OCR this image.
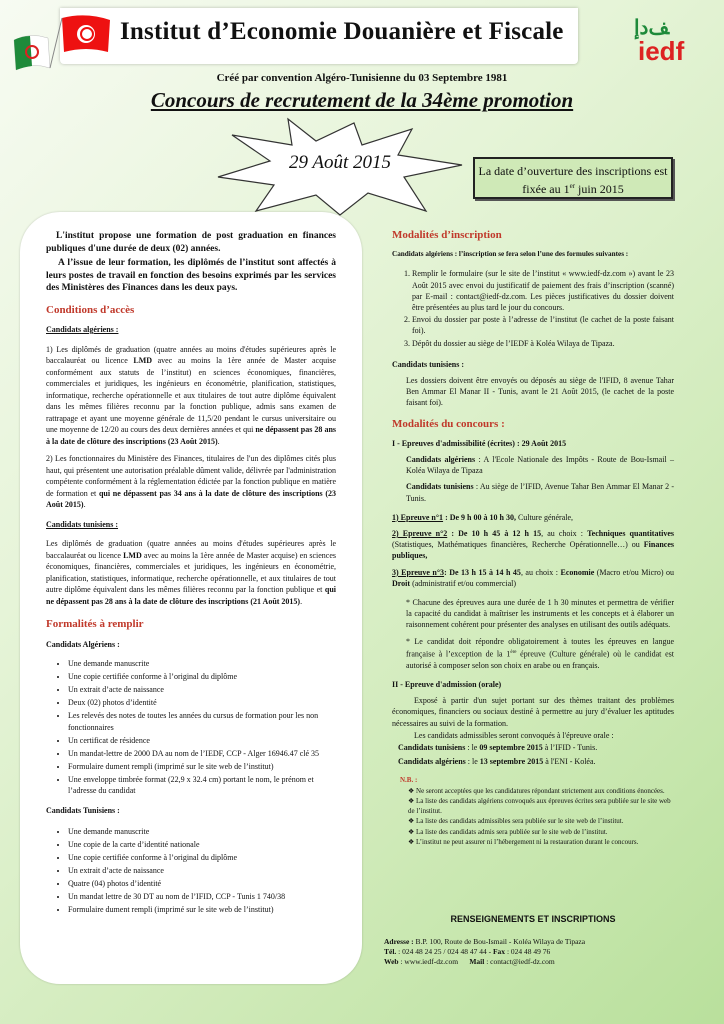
Institut d’Economie Douanière et Fiscale	ﻒﺩﺇ
iedf
Créé par convention Algéro-Tunisienne du 03 Septembre 1981
Concours de recrutement de la 34ème promotion
29 Août 2015	La date d’ouverture des inscriptions est fixée au 1er juin 2015

L'institut propose une formation de post graduation en finances publiques d'une durée de deux (02) années.

A l’issue de leur formation, les diplômés de l’institut sont affectés à leurs postes de travail en fonction des besoins exprimés par les services des Ministères des Finances dans les deux pays.

Conditions d’accès
Candidats algériens :

1) Les diplômés de graduation (quatre années au moins d'études supérieures après le baccalauréat ou licence LMD avec au moins la 1ère année de Master acquise conformément aux statuts de l’institut) en sciences économiques, financières, commerciales et juridiques, les ingénieurs en économétrie, planification, statistiques, informatique, recherche opérationnelle et aux titulaires de tout autre diplôme équivalent dans les mêmes filières reconnu par la fonction publique, admis sans examen de rattrapage et ayant une moyenne générale de 11,5/20 pendant le cursus universitaire ou une moyenne de 12/20 au cours des deux dernières années et qui ne dépassent pas 28 ans à la date de clôture des inscriptions (23 Août 2015).

2) Les fonctionnaires du Ministère des Finances, titulaires de l'un des diplômes cités plus haut, qui présentent une autorisation préalable dûment valide, délivrée par l'administration compétente conformément à la réglementation édictée par la fonction publique en matière de formation et qui ne dépassent pas 34 ans à la date de clôture des inscriptions (23 Août 2015).

Candidats tunisiens :

Les diplômés de graduation (quatre années au moins d'études supérieures après le baccalauréat ou licence LMD avec au moins la 1ère année de Master acquise) en sciences économiques, financières, commerciales et juridiques, les ingénieurs en économétrie, planification, statistiques, informatique, recherche opérationnelle, et aux titulaires de tout autre diplôme équivalent dans les mêmes filières reconnu par la fonction publique et qui ne dépassent pas 28 ans à la date de clôture des inscriptions (21 Août 2015).

Formalités à remplir
Candidats Algériens :
• Une demande manuscrite
• Une copie certifiée conforme à l’original du diplôme
• Un extrait d’acte de naissance
• Deux (02) photos d’identité
• Les relevés des notes de toutes les années du cursus de formation pour les non fonctionnaires
• Un certificat de résidence
• Un mandat-lettre de 2000 DA au nom de l’IEDF, CCP - Alger 16946.47 clé 35
• Formulaire dument rempli (imprimé sur le site web de l’institut)
• Une enveloppe timbrée format (22,9 x 32.4 cm) portant le nom, le prénom et l’adresse du candidat
Candidats Tunisiens :
• Une demande manuscrite
• Une copie de la carte d’identité nationale
• Une copie certifiée conforme à l’original du diplôme
• Un extrait d’acte de naissance
• Quatre (04) photos d’identité
• Un mandat lettre de 30 DT au nom de l’IFID, CCP - Tunis 1 740/38
• Formulaire dument rempli (imprimé sur le site web de l’institut)
Modalités d’inscription

Candidats algériens : l’inscription se fera selon l’une des formules suivantes :

1. Remplir le formulaire (sur le site de l’institut « www.iedf-dz.com ») avant le 23 Août 2015 avec envoi du justificatif de paiement des frais d’inscription (scanné) par E-mail : contact@iedf-dz.com. Les pièces justificatives du dossier doivent être présentées au plus tard le jour du concours.
2. Envoi du dossier par poste à l’adresse de l’institut (le cachet de la poste faisant foi).
3. Dépôt du dossier au siège de l’IEDF à Koléa Wilaya de Tipaza.

Candidats tunisiens :

Les dossiers doivent être envoyés ou déposés au siège de l'IFID, 8 avenue Tahar Ben Ammar El Manar II - Tunis, avant le 21 Août 2015, (le cachet de la poste faisant foi).

Modalités du concours :

I - Epreuves d'admissibilité (écrites) : 29 Août 2015

Candidats algériens : A l'Ecole Nationale des Impôts - Route de Bou-Ismail – Koléa Wilaya de Tipaza

Candidats tunisiens : Au siège de l’IFID, Avenue Tahar Ben Ammar El Manar 2 - Tunis.

1) Epreuve n°1 : De 9 h 00 à 10 h 30, Culture générale,

2) Epreuve n°2 : De 10 h 45 à 12 h 15, au choix : Techniques quantitatives (Statistiques, Mathématiques financières, Recherche Opérationnelle…) ou Finances publiques,

3) Epreuve n°3: De 13 h 15 à 14 h 45, au choix : Economie (Macro et/ou Micro) ou Droit (administratif et/ou commercial)

* Chacune des épreuves aura une durée de 1 h 30 minutes et permettra de vérifier la capacité du candidat à maîtriser les instruments et les concepts et à élaborer un raisonnement cohérent pour présenter des analyses en utilisant des outils adéquats.

* Le candidat doit répondre obligatoirement à toutes les épreuves en langue française à l’exception de la 1ère épreuve (Culture générale) où le candidat est autorisé à composer selon son choix en arabe ou en français.

II - Epreuve d'admission (orale)

Exposé à partir d'un sujet portant sur des thèmes traitant des problèmes économiques, financiers ou sociaux destiné à permettre au jury d’évaluer les aptitudes nécessaires au suivi de la formation.

Les candidats admissibles seront convoqués à l'épreuve orale :

Candidats tunisiens : le 09 septembre 2015 à l’IFID - Tunis.

Candidats algériens : le 13 septembre 2015 à l'ENI - Koléa.

N.B. :
❖ Ne seront acceptées que les candidatures répondant strictement aux conditions énoncées.
❖ La liste des candidats algériens convoqués aux épreuves écrites sera publiée sur le site web de l’institut.
❖ La liste des candidats admissibles sera publiée sur le site web de l’institut.
❖ La liste des candidats admis sera publiée sur le site web de l’institut.
❖ L’institut ne peut assurer ni l’hébergement ni la restauration durant le concours.
RENSEIGNEMENTS ET INSCRIPTIONS
Adresse : B.P. 100, Route de Bou-Ismail - Koléa Wilaya de Tipaza
Tél. : 024 48 24 25 / 024 48 47 44 - Fax : 024 48 49 76
Web : www.iedf-dz.com Mail : contact@iedf-dz.com
